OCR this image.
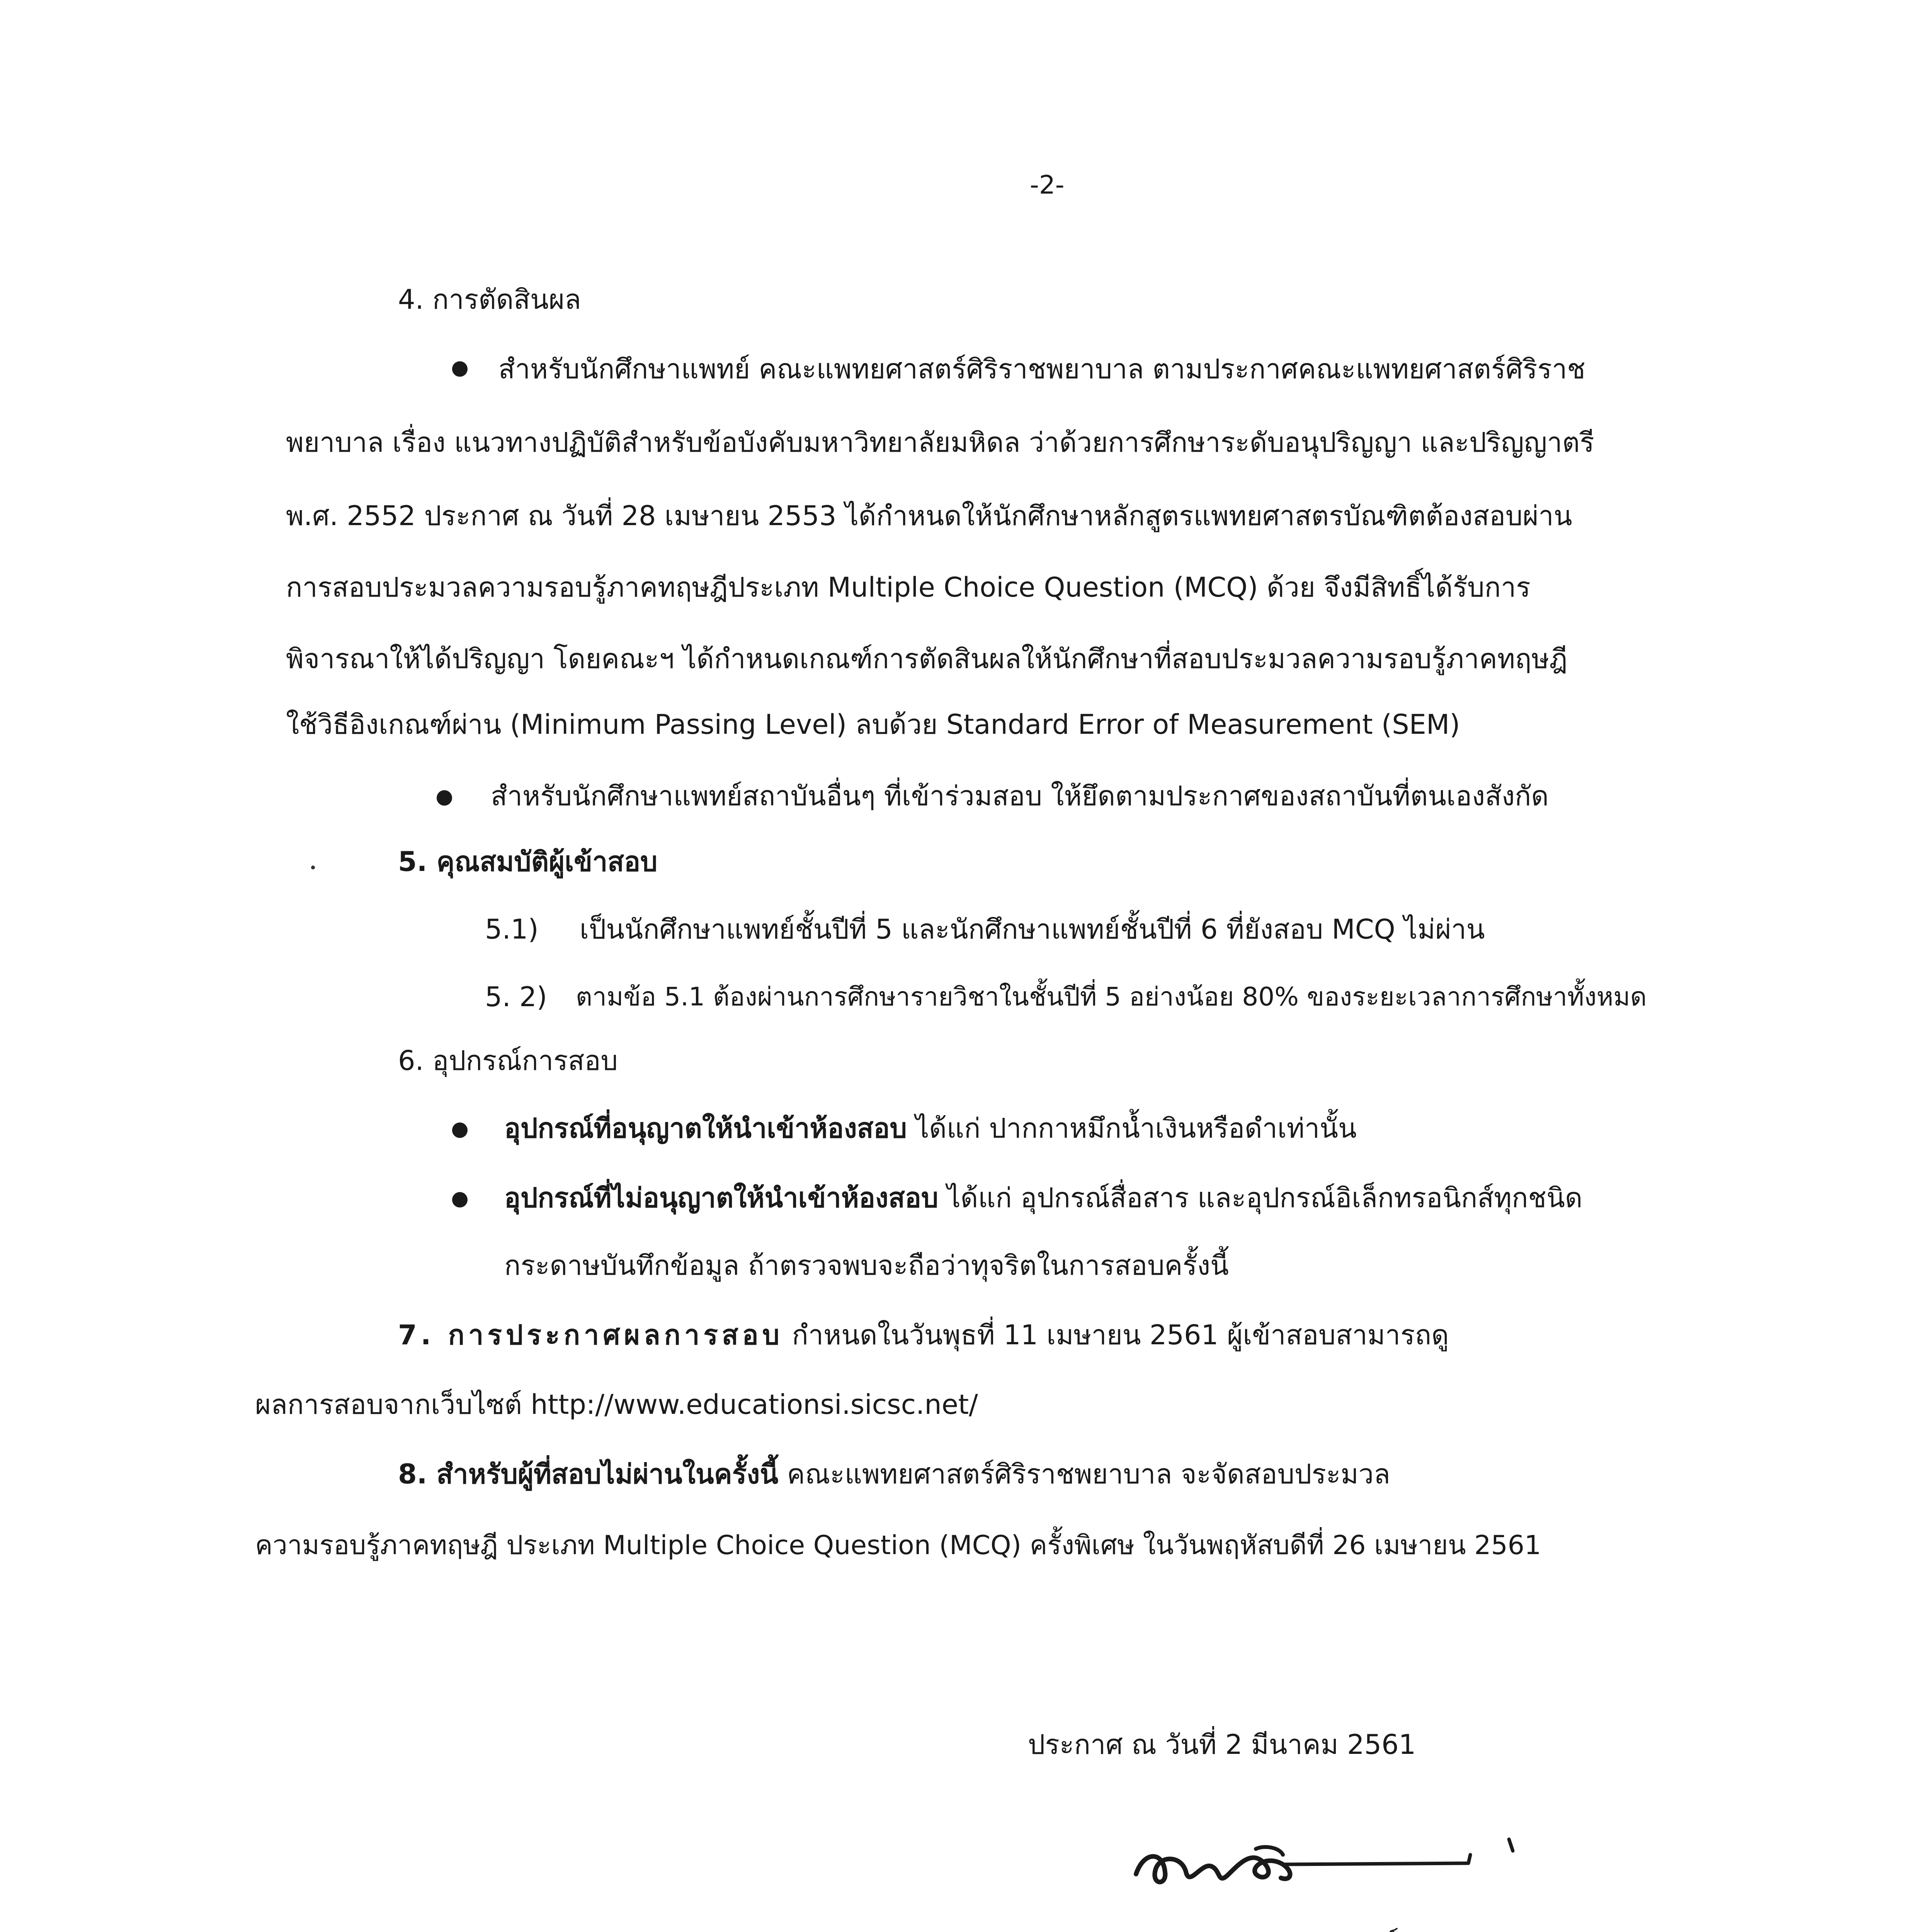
-2-
4. การตัดสินผล
สำหรับนักศึกษาแพทย์ คณะแพทยศาสตร์ศิริราชพยาบาล ตามประกาศคณะแพทยศาสตร์ศิริราช
พยาบาล เรื่อง แนวทางปฏิบัติสำหรับข้อบังคับมหาวิทยาลัยมหิดล ว่าด้วยการศึกษาระดับอนุปริญญา และปริญญาตรี
พ.ศ. 2552 ประกาศ ณ วันที่ 28 เมษายน 2553 ได้กำหนดให้นักศึกษาหลักสูตรแพทยศาสตรบัณฑิตต้องสอบผ่าน
การสอบประมวลความรอบรู้ภาคทฤษฎีประเภท Multiple Choice Question (MCQ) ด้วย จึงมีสิทธิ์ได้รับการ
พิจารณาให้ได้ปริญญา โดยคณะฯ ได้กำหนดเกณฑ์การตัดสินผลให้นักศึกษาที่สอบประมวลความรอบรู้ภาคทฤษฎี
ใช้วิธีอิงเกณฑ์ผ่าน (Minimum Passing Level) ลบด้วย Standard Error of Measurement (SEM)
สำหรับนักศึกษาแพทย์สถาบันอื่นๆ ที่เข้าร่วมสอบ ให้ยึดตามประกาศของสถาบันที่ตนเองสังกัด
5. คุณสมบัติผู้เข้าสอบ
5.1) เป็นนักศึกษาแพทย์ชั้นปีที่ 5 และนักศึกษาแพทย์ชั้นปีที่ 6 ที่ยังสอบ MCQ ไม่ผ่าน
5. 2) ตามข้อ 5.1 ต้องผ่านการศึกษารายวิชาในชั้นปีที่ 5 อย่างน้อย 80% ของระยะเวลาการศึกษาทั้งหมด
6. อุปกรณ์การสอบ
อุปกรณ์ที่อนุญาตให้นำเข้าห้องสอบ ได้แก่ ปากกาหมึกน้ำเงินหรือดำเท่านั้น
อุปกรณ์ที่ไม่อนุญาตให้นำเข้าห้องสอบ ได้แก่ อุปกรณ์สื่อสาร และอุปกรณ์อิเล็กทรอนิกส์ทุกชนิด
กระดาษบันทึกข้อมูล ถ้าตรวจพบจะถือว่าทุจริตในการสอบครั้งนี้
7. การประกาศผลการสอบ กำหนดในวันพุธที่ 11 เมษายน 2561 ผู้เข้าสอบสามารถดู
ผลการสอบจากเว็บไซต์ http://www.educationsi.sicsc.net/
8. สำหรับผู้ที่สอบไม่ผ่านในครั้งนี้ คณะแพทยศาสตร์ศิริราชพยาบาล จะจัดสอบประมวล
ความรอบรู้ภาคทฤษฎี ประเภท Multiple Choice Question (MCQ) ครั้งพิเศษ ในวันพฤหัสบดีที่ 26 เมษายน 2561
ประกาศ ณ วันที่ 2 มีนาคม 2561
